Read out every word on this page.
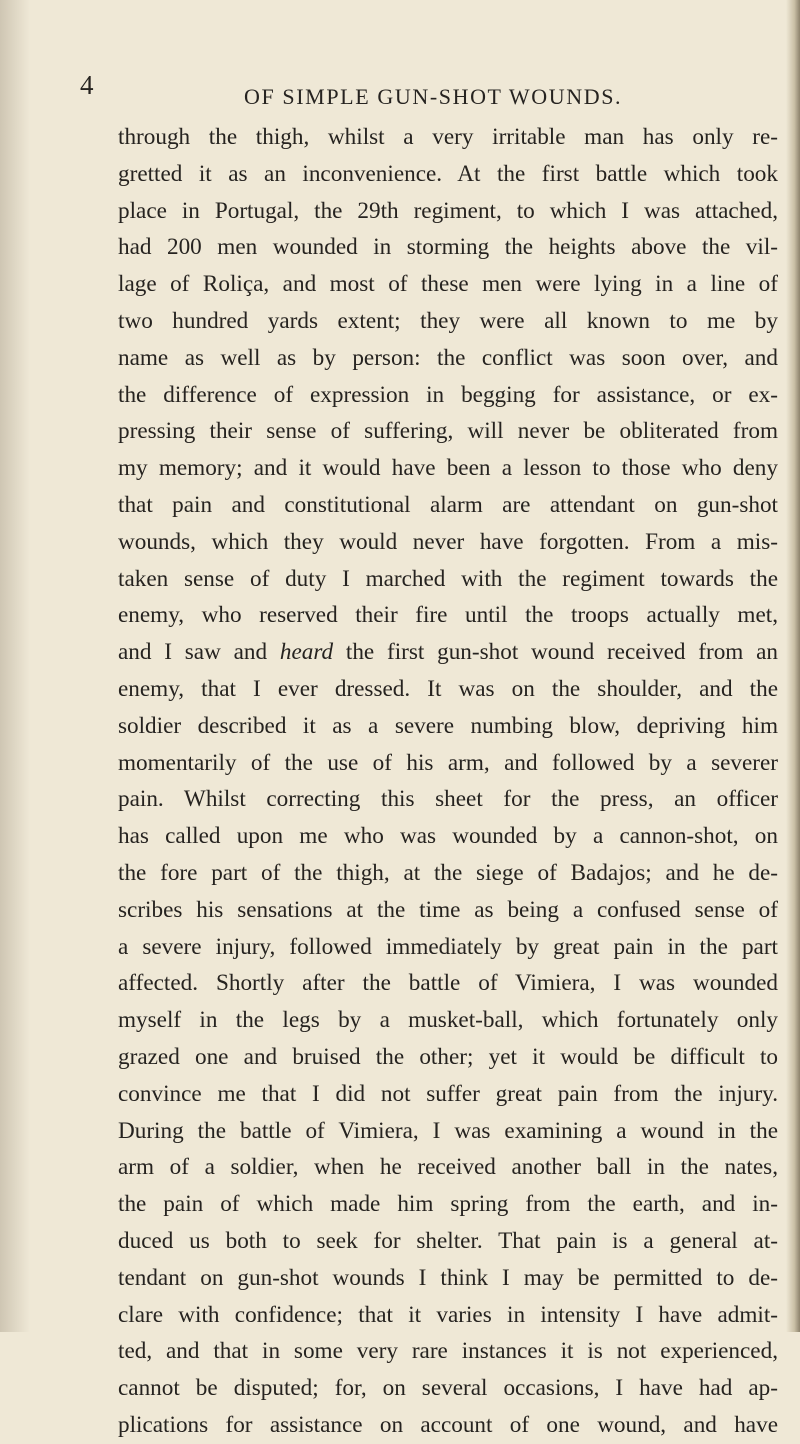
4	OF SIMPLE GUN-SHOT WOUNDS.
through the thigh, whilst a very irritable man has only re-
gretted it as an inconvenience. At the first battle which took
place in Portugal, the 29th regiment, to which I was attached,
had 200 men wounded in storming the heights above the vil-
lage of Roliça, and most of these men were lying in a line of
two hundred yards extent; they were all known to me by
name as well as by person: the conflict was soon over, and
the difference of expression in begging for assistance, or ex-
pressing their sense of suffering, will never be obliterated from
my memory; and it would have been a lesson to those who deny
that pain and constitutional alarm are attendant on gun-shot
wounds, which they would never have forgotten. From a mis-
taken sense of duty I marched with the regiment towards the
enemy, who reserved their fire until the troops actually met,
and I saw and heard the first gun-shot wound received from an
enemy, that I ever dressed. It was on the shoulder, and the
soldier described it as a severe numbing blow, depriving him
momentarily of the use of his arm, and followed by a severer
pain. Whilst correcting this sheet for the press, an officer
has called upon me who was wounded by a cannon-shot, on
the fore part of the thigh, at the siege of Badajos; and he de-
scribes his sensations at the time as being a confused sense of
a severe injury, followed immediately by great pain in the part
affected. Shortly after the battle of Vimiera, I was wounded
myself in the legs by a musket-ball, which fortunately only
grazed one and bruised the other; yet it would be difficult to
convince me that I did not suffer great pain from the injury.
During the battle of Vimiera, I was examining a wound in the
arm of a soldier, when he received another ball in the nates,
the pain of which made him spring from the earth, and in-
duced us both to seek for shelter. That pain is a general at-
tendant on gun-shot wounds I think I may be permitted to de-
clare with confidence; that it varies in intensity I have admit-
ted, and that in some very rare instances it is not experienced,
cannot be disputed; for, on several occasions, I have had ap-
plications for assistance on account of one wound, and have
